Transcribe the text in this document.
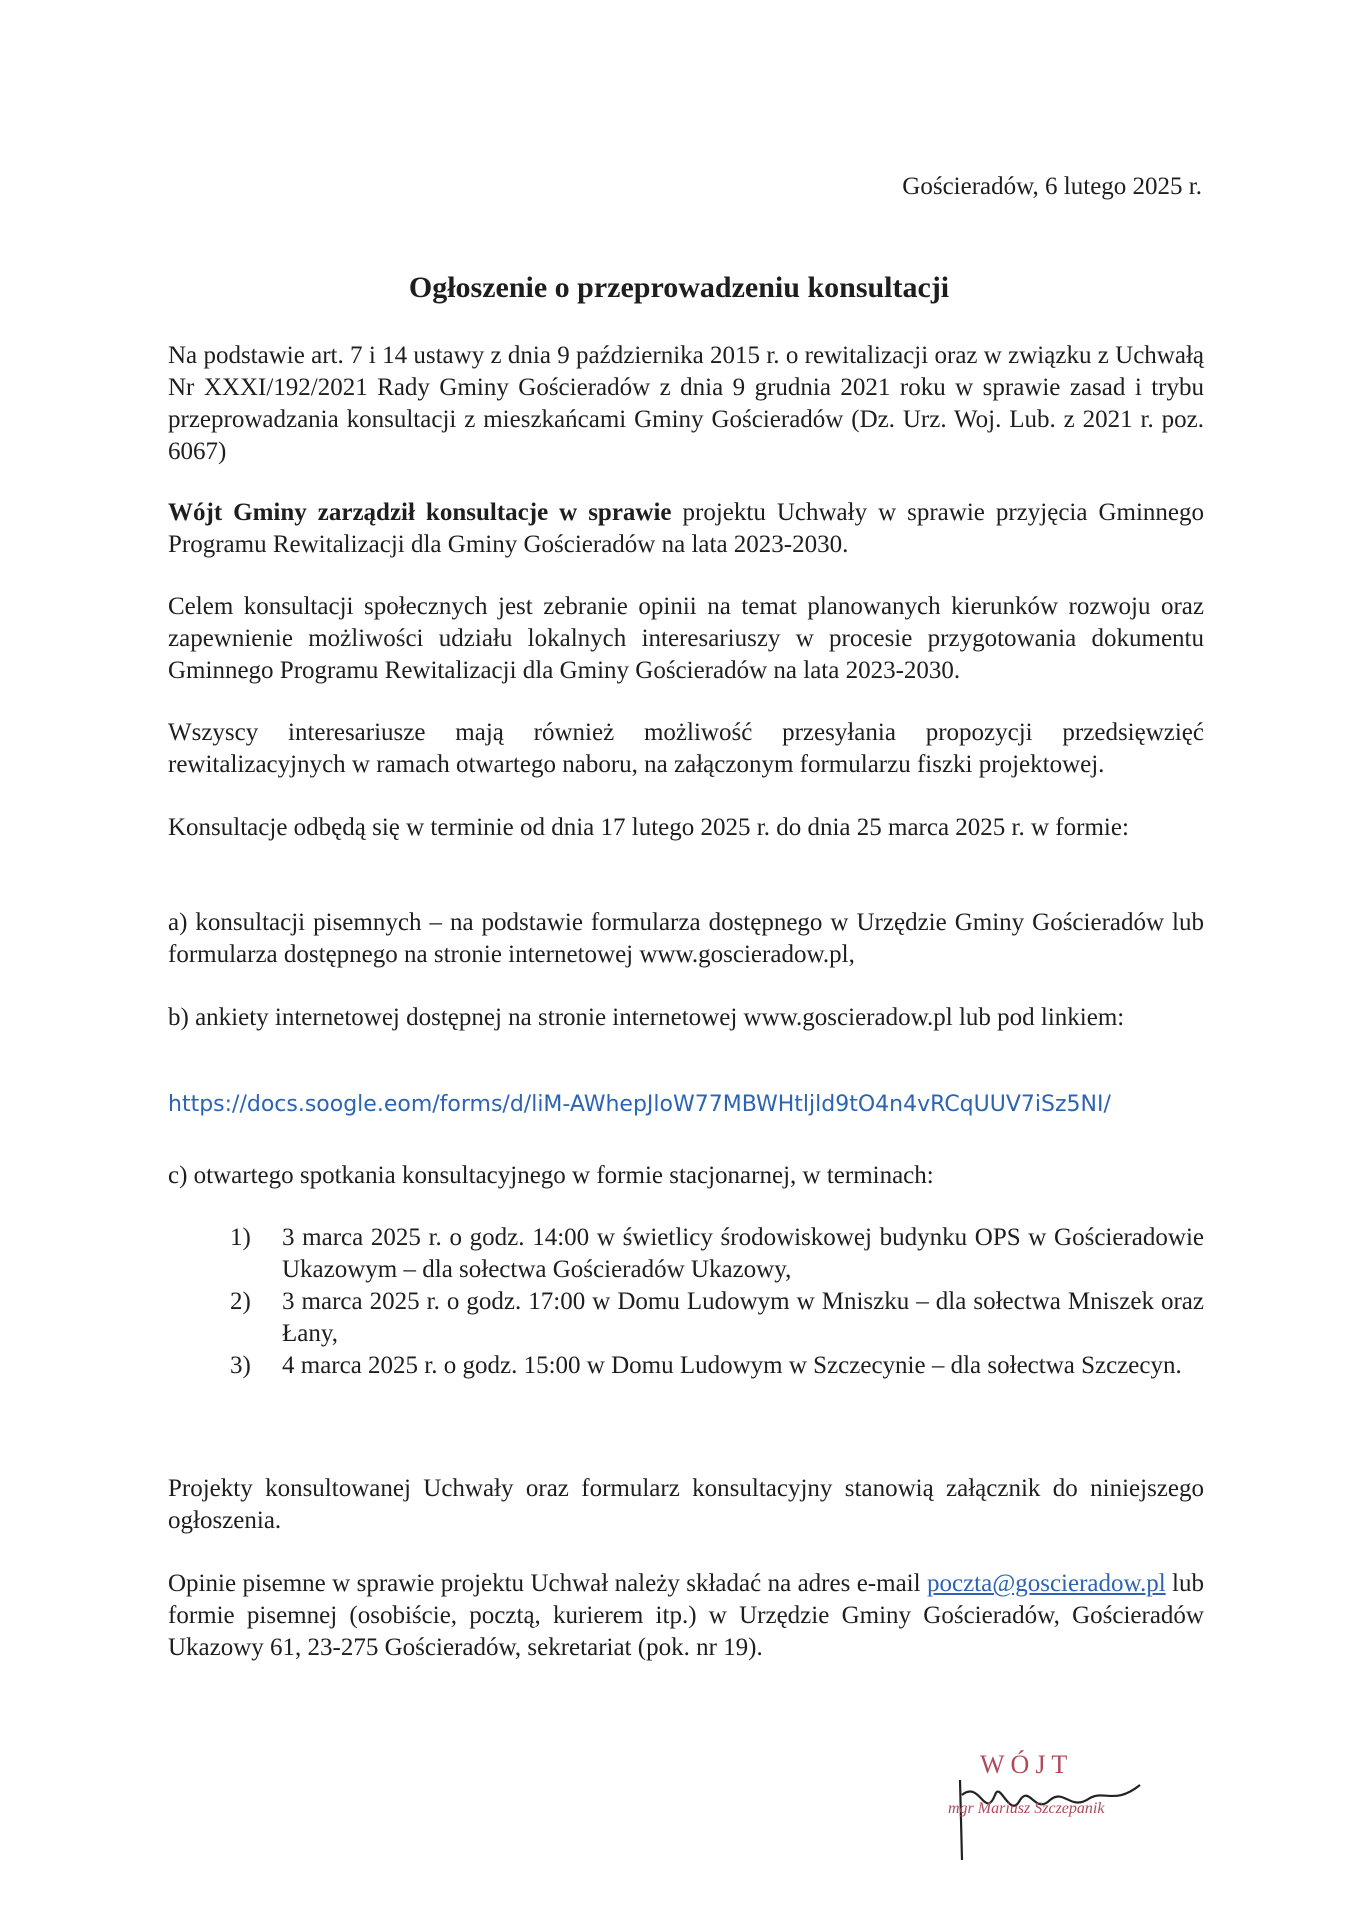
Gościeradów, 6 lutego 2025 r.
Ogłoszenie o przeprowadzeniu konsultacji
Na podstawie art. 7 i 14 ustawy z dnia 9 października 2015 r. o rewitalizacji oraz w związku z Uchwałą Nr XXXI/192/2021 Rady Gminy Gościeradów z dnia 9 grudnia 2021 roku w sprawie zasad i trybu przeprowadzania konsultacji z mieszkańcami Gminy Gościeradów (Dz. Urz. Woj. Lub. z 2021 r. poz. 6067)
Wójt Gminy zarządził konsultacje w sprawie projektu Uchwały w sprawie przyjęcia Gminnego Programu Rewitalizacji dla Gminy Gościeradów na lata 2023-2030.
Celem konsultacji społecznych jest zebranie opinii na temat planowanych kierunków rozwoju oraz zapewnienie możliwości udziału lokalnych interesariuszy w procesie przygotowania dokumentu Gminnego Programu Rewitalizacji dla Gminy Gościeradów na lata 2023-2030.
Wszyscy interesariusze mają również możliwość przesyłania propozycji przedsięwzięć rewitalizacyjnych w ramach otwartego naboru, na załączonym formularzu fiszki projektowej.
Konsultacje odbędą się w terminie od dnia 17 lutego 2025 r. do dnia 25 marca 2025 r. w formie:
a) konsultacji pisemnych – na podstawie formularza dostępnego w Urzędzie Gminy Gościeradów lub formularza dostępnego na stronie internetowej www.goscieradow.pl,
b) ankiety internetowej dostępnej na stronie internetowej www.goscieradow.pl lub pod linkiem:
https://docs.soogle.eom/forms/d/liM-AWhepJloW77MBWHtljld9tO4n4vRCqUUV7iSz5NI/
c) otwartego spotkania konsultacyjnego w formie stacjonarnej, w terminach:
1)	3 marca 2025 r. o godz. 14:00 w świetlicy środowiskowej budynku OPS w Gościeradowie Ukazowym – dla sołectwa Gościeradów Ukazowy,
2)	3 marca 2025 r. o godz. 17:00 w Domu Ludowym w Mniszku – dla sołectwa Mniszek oraz Łany,
3)	4 marca 2025 r. o godz. 15:00 w Domu Ludowym w Szczecynie – dla sołectwa Szczecyn.
Projekty konsultowanej Uchwały oraz formularz konsultacyjny stanowią załącznik do niniejszego ogłoszenia.
Opinie pisemne w sprawie projektu Uchwał należy składać na adres e-mail poczta@goscieradow.pl lub formie pisemnej (osobiście, pocztą, kurierem itp.) w Urzędzie Gminy Gościeradów, Gościeradów Ukazowy 61, 23-275 Gościeradów, sekretariat (pok. nr 19).
WÓJT
mgr Mariusz Szczepanik
